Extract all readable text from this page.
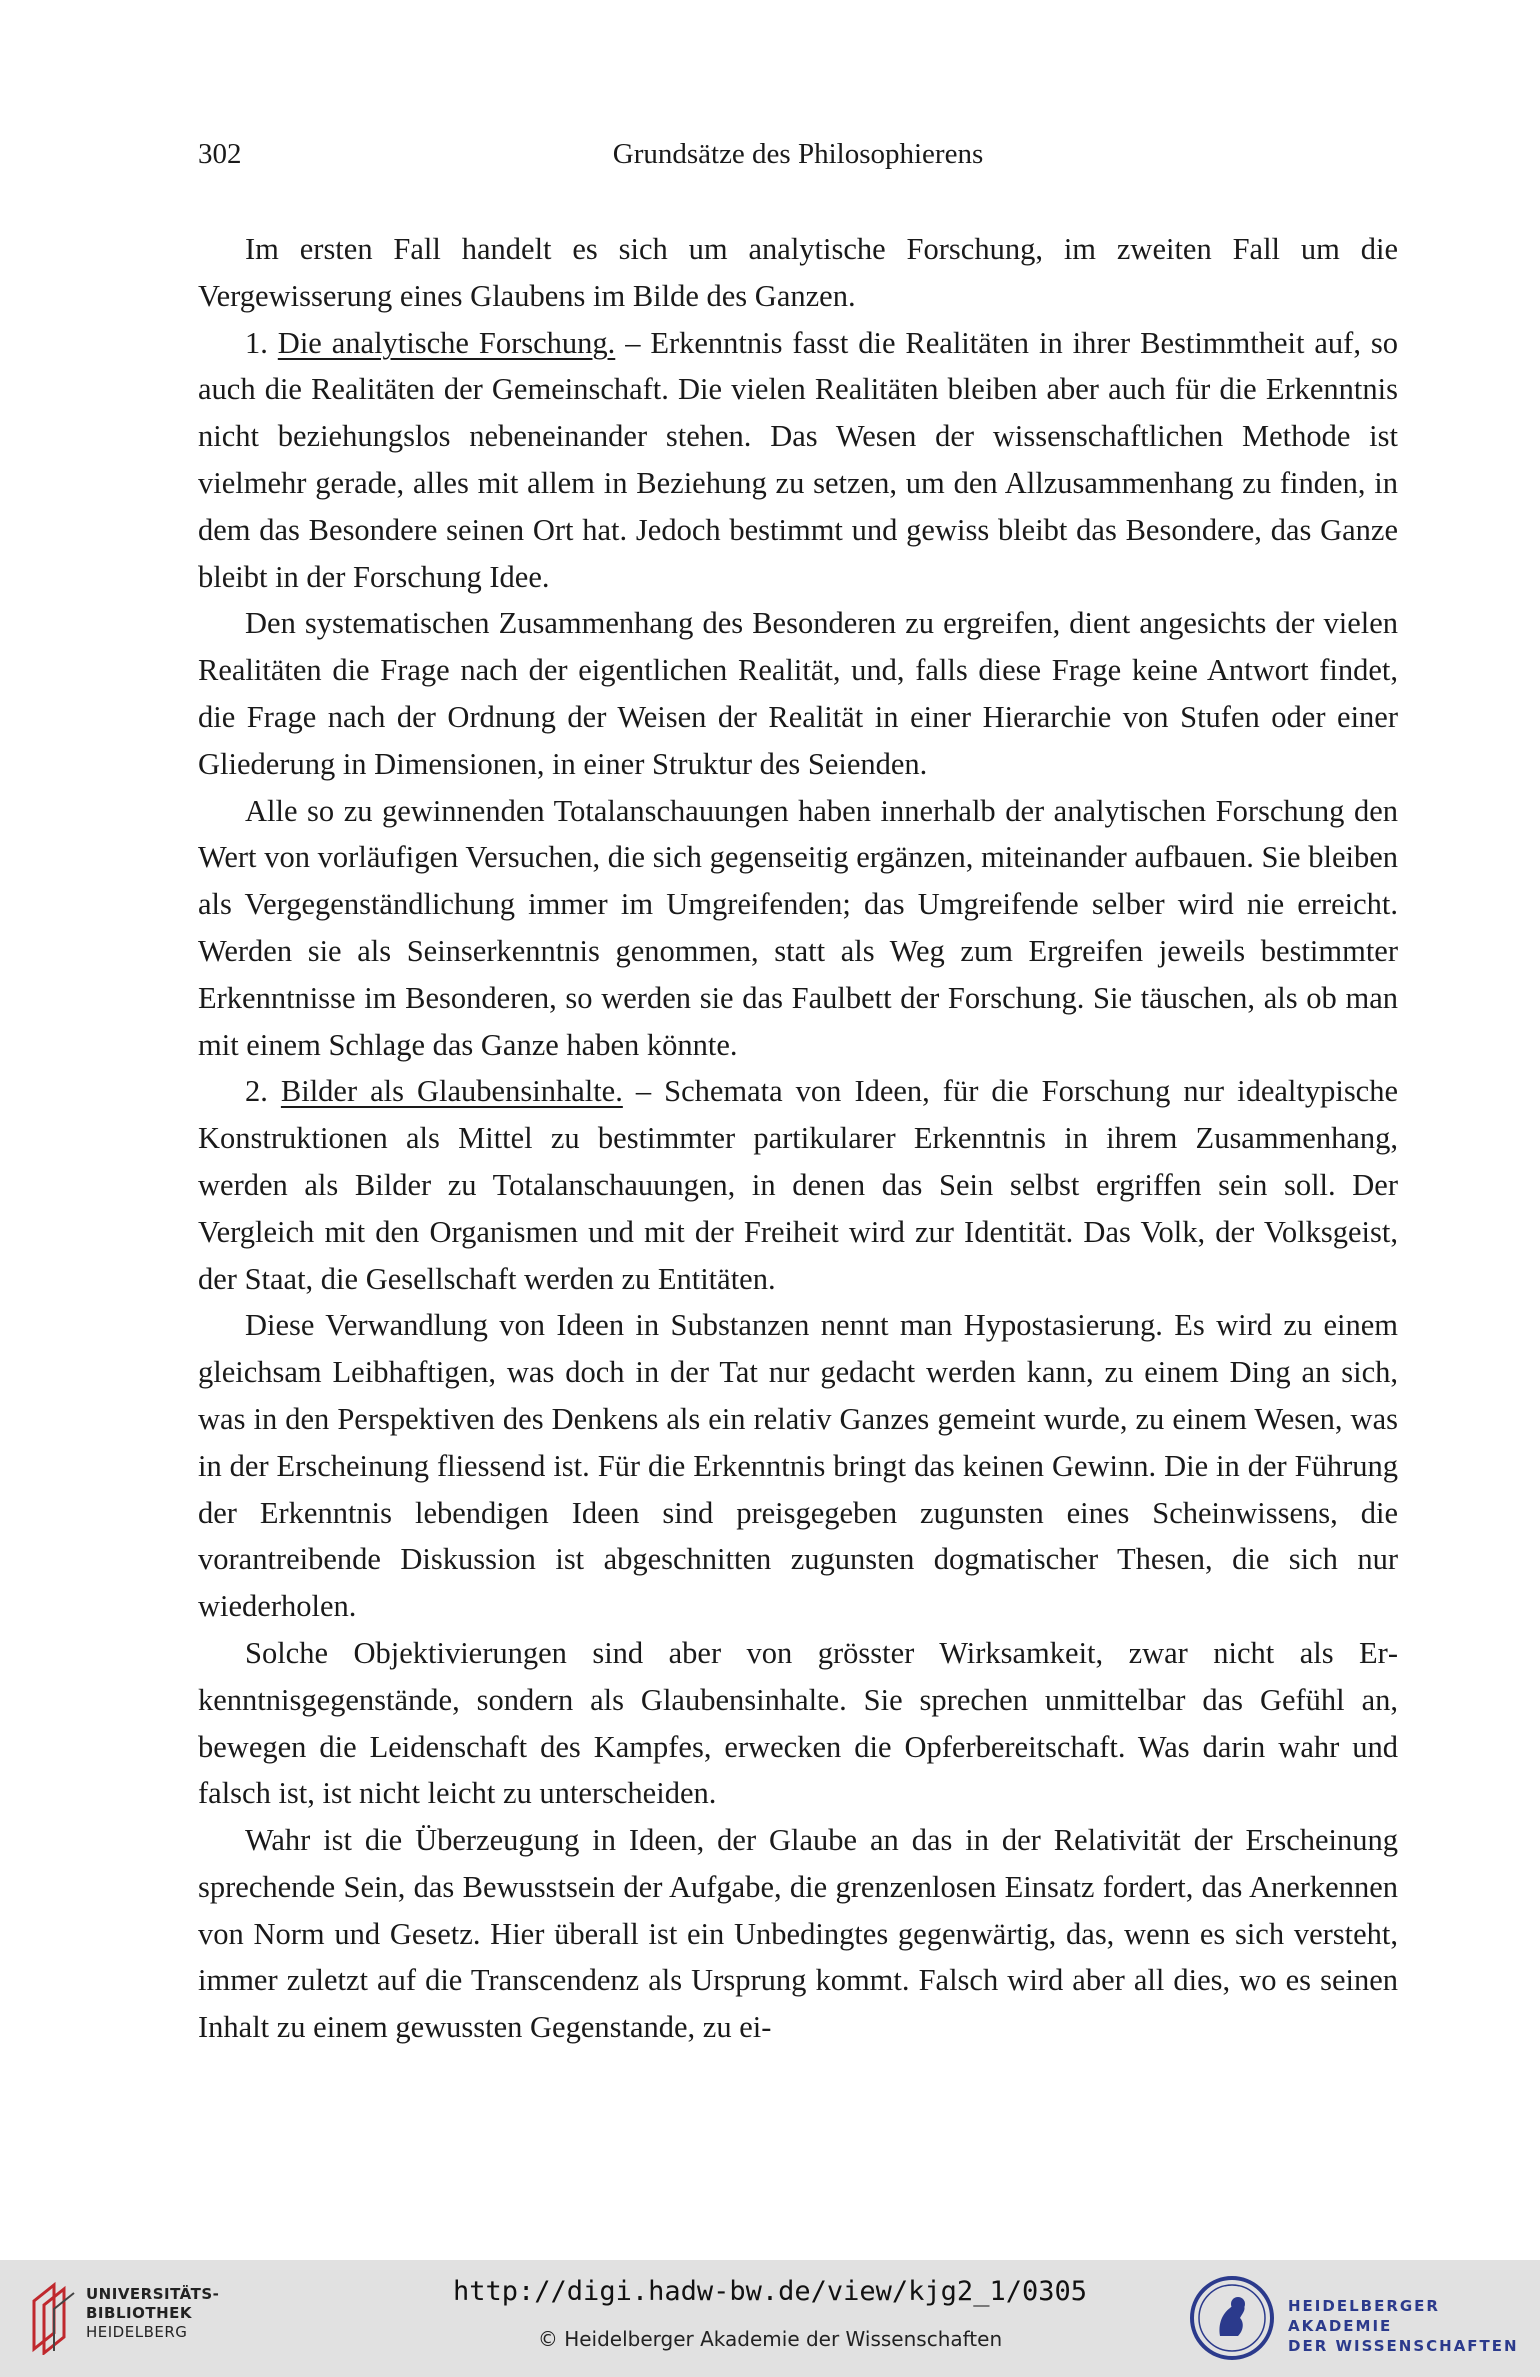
302	Grundsätze des Philosophierens

Im ersten Fall handelt es sich um analytische Forschung, im zweiten Fall um die Vergewisserung eines Glaubens im Bilde des Ganzen.

1. Die analytische Forschung. – Erkenntnis fasst die Realitäten in ihrer Bestimmtheit auf, so auch die Realitäten der Gemeinschaft. Die vielen Realitäten bleiben aber auch für die Erkenntnis nicht beziehungslos nebeneinander stehen. Das Wesen der wissenschaftlichen Methode ist vielmehr gerade, alles mit allem in Beziehung zu setzen, um den Allzusammenhang zu finden, in dem das Besondere seinen Ort hat. Jedoch bestimmt und gewiss bleibt das Besondere, das Ganze bleibt in der Forschung Idee.

Den systematischen Zusammenhang des Besonderen zu ergreifen, dient angesichts der vielen Realitäten die Frage nach der eigentlichen Realität, und, falls diese Frage keine Antwort findet, die Frage nach der Ordnung der Weisen der Realität in einer Hierarchie von Stufen oder einer Gliederung in Dimensionen, in einer Struktur des Seienden.

Alle so zu gewinnenden Totalanschauungen haben innerhalb der analytischen Forschung den Wert von vorläufigen Versuchen, die sich gegenseitig ergänzen, miteinander aufbauen. Sie bleiben als Vergegenständlichung immer im Umgreifenden; das Umgreifende selber wird nie erreicht. Werden sie als Seinserkenntnis genommen, statt als Weg zum Ergreifen jeweils bestimmter Erkenntnisse im Besonderen, so werden sie das Faulbett der Forschung. Sie täuschen, als ob man mit einem Schlage das Ganze haben könnte.

2. Bilder als Glaubensinhalte. – Schemata von Ideen, für die Forschung nur idealtypische Konstruktionen als Mittel zu bestimmter partikularer Erkenntnis in ihrem Zusammenhang, werden als Bilder zu Totalanschauungen, in denen das Sein selbst ergriffen sein soll. Der Vergleich mit den Organismen und mit der Freiheit wird zur Identität. Das Volk, der Volksgeist, der Staat, die Gesellschaft werden zu Entitäten.

Diese Verwandlung von Ideen in Substanzen nennt man Hypostasierung. Es wird zu einem gleichsam Leibhaftigen, was doch in der Tat nur gedacht werden kann, zu einem Ding an sich, was in den Perspektiven des Denkens als ein relativ Ganzes gemeint wurde, zu einem Wesen, was in der Erscheinung fliessend ist. Für die Erkenntnis bringt das keinen Gewinn. Die in der Führung der Erkenntnis lebendigen Ideen sind preisgegeben zugunsten eines Scheinwissens, die vorantreibende Diskussion ist abgeschnitten zugunsten dogmatischer Thesen, die sich nur wiederholen.

Solche Objektivierungen sind aber von grösster Wirksamkeit, zwar nicht als Erkenntnisgegenstände, sondern als Glaubensinhalte. Sie sprechen unmittelbar das Gefühl an, bewegen die Leidenschaft des Kampfes, erwecken die Opferbereitschaft. Was darin wahr und falsch ist, ist nicht leicht zu unterscheiden.

Wahr ist die Überzeugung in Ideen, der Glaube an das in der Relativität der Erscheinung sprechende Sein, das Bewusstsein der Aufgabe, die grenzenlosen Einsatz fordert, das Anerkennen von Norm und Gesetz. Hier überall ist ein Unbedingtes gegenwärtig, das, wenn es sich versteht, immer zuletzt auf die Transcendenz als Ursprung kommt. Falsch wird aber all dies, wo es seinen Inhalt zu einem gewussten Gegenstande, zu ei-

UNIVERSITÄTS-
BIBLIOTHEK
HEIDELBERG
http://digi.hadw-bw.de/view/kjg2_1/0305
© Heidelberger Akademie der Wissenschaften
HEIDELBERGER AKADEMIE
DER WISSENSCHAFTEN
